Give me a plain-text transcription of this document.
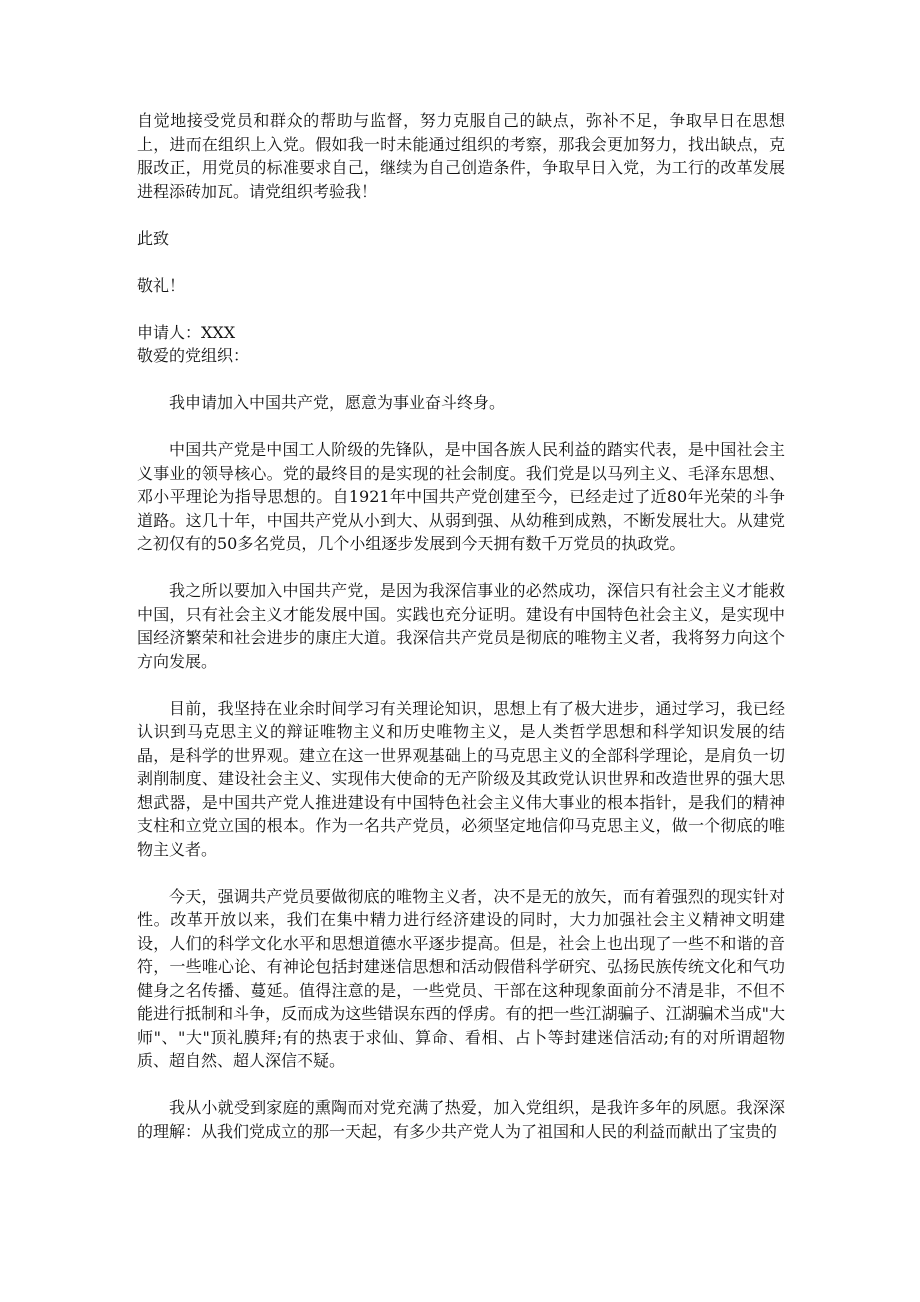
自觉地接受党员和群众的帮助与监督，努力克服自己的缺点，弥补不足，争取早日在思想上，进而在组织上入党。假如我一时未能通过组织的考察，那我会更加努力，找出缺点，克服改正，用党员的标准要求自己，继续为自己创造条件，争取早日入党，为工行的改革发展进程添砖加瓦。请党组织考验我！

此致

敬礼！

申请人：XXX

敬爱的党组织：

我申请加入中国共产党，愿意为事业奋斗终身。

中国共产党是中国工人阶级的先锋队，是中国各族人民利益的踏实代表，是中国社会主义事业的领导核心。党的最终目的是实现的社会制度。我们党是以马列主义、毛泽东思想、邓小平理论为指导思想的。自1921年中国共产党创建至今，已经走过了近80年光荣的斗争道路。这几十年，中国共产党从小到大、从弱到强、从幼稚到成熟，不断发展壮大。从建党之初仅有的50多名党员，几个小组逐步发展到今天拥有数千万党员的执政党。

我之所以要加入中国共产党，是因为我深信事业的必然成功，深信只有社会主义才能救中国，只有社会主义才能发展中国。实践也充分证明。建设有中国特色社会主义，是实现中国经济繁荣和社会进步的康庄大道。我深信共产党员是彻底的唯物主义者，我将努力向这个方向发展。

目前，我坚持在业余时间学习有关理论知识，思想上有了极大进步，通过学习，我已经认识到马克思主义的辩证唯物主义和历史唯物主义，是人类哲学思想和科学知识发展的结晶，是科学的世界观。建立在这一世界观基础上的马克思主义的全部科学理论，是肩负一切剥削制度、建设社会主义、实现伟大使命的无产阶级及其政党认识世界和改造世界的强大思想武器，是中国共产党人推进建设有中国特色社会主义伟大事业的根本指针，是我们的精神支柱和立党立国的根本。作为一名共产党员，必须坚定地信仰马克思主义，做一个彻底的唯物主义者。

今天，强调共产党员要做彻底的唯物主义者，决不是无的放矢，而有着强烈的现实针对性。改革开放以来，我们在集中精力进行经济建设的同时，大力加强社会主义精神文明建设，人们的科学文化水平和思想道德水平逐步提高。但是，社会上也出现了一些不和谐的音符，一些唯心论、有神论包括封建迷信思想和活动假借科学研究、弘扬民族传统文化和气功健身之名传播、蔓延。值得注意的是，一些党员、干部在这种现象面前分不清是非，不但不能进行抵制和斗争，反而成为这些错误东西的俘虏。有的把一些江湖骗子、江湖骗术当成"大师"、"大"顶礼膜拜;有的热衷于求仙、算命、看相、占卜等封建迷信活动;有的对所谓超物质、超自然、超人深信不疑。

我从小就受到家庭的熏陶而对党充满了热爱，加入党组织，是我许多年的夙愿。我深深的理解：从我们党成立的那一天起，有多少共产党人为了祖国和人民的利益而献出了宝贵的
